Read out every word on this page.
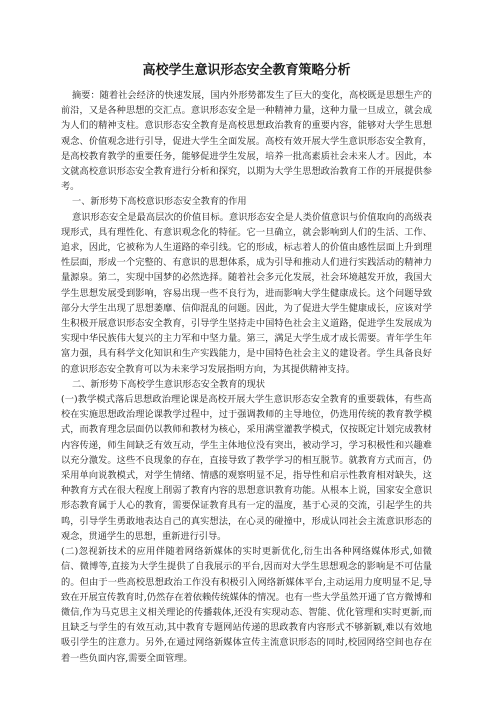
高校学生意识形态安全教育策略分析

摘要：随着社会经济的快速发展，国内外形势都发生了巨大的变化，高校既是思想生产的前沿，又是各种思想的交汇点。意识形态安全是一种精神力量，这种力量一旦成立，就会成为人们的精神支柱。意识形态安全教育是高校思想政治教育的重要内容，能够对大学生思想观念、价值观念进行引导，促进大学生全面发展。高校有效开展大学生意识形态安全教育，是高校教育教学的重要任务，能够促进学生发展，培养一批高素质社会未来人才。因此，本文就高校意识形态安全教育进行分析和探究，以期为大学生思想政治教育工作的开展提供参考。

一、新形势下高校意识形态安全教育的作用

意识形态安全是最高层次的价值目标。意识形态安全是人类价值意识与价值取向的高级表现形式，具有理性化、有意识观念化的特征。它一旦确立，就会影响到人们的生活、工作、追求，因此，它被称为人生道路的牵引线。它的形成，标志着人的价值由感性层面上升到理性层面，形成一个完整的、有意识的思想体系，成为引导和推动人们进行实践活动的精神力量源泉。第二，实现中国梦的必然选择。随着社会多元化发展，社会环境越发开放，我国大学生思想发展受到影响，容易出现一些不良行为，进而影响大学生健康成长。这个问题导致部分大学生出现了思想萎靡、信仰混乱的问题。因此，为了促进大学生健康成长，应该对学生积极开展意识形态安全教育，引导学生坚持走中国特色社会主义道路，促进学生发展成为实现中华民族伟大复兴的主力军和中坚力量。第三，满足大学生成才成长需要。青年学生年富力强，具有科学文化知识和生产实践能力，是中国特色社会主义的建设者。学生具备良好的意识形态安全教育可以为未来学习发展指明方向，为其提供精神支持。

二、新形势下高校学生意识形态安全教育的现状

(一)教学模式落后思想政治理论课是高校开展大学生意识形态安全教育的重要载体，有些高校在实施思想政治理论课教学过程中，过于强调教师的主导地位，仍选用传统的教育教学模式，而教育理念层面仍以教师和教材为核心，采用满堂灌教学模式，仅按既定计划完成教材内容传递，师生间缺乏有效互动，学生主体地位没有突出，被动学习，学习积极性和兴趣难以充分激发。这些不良现象的存在，直接导致了教学学习的相互脱节。就教育方式而言，仍采用单向说教模式，对学生情绪、情感的观察明显不足，指导性和启示性教育相对缺失，这种教育方式在很大程度上削弱了教育内容的思想意识教育功能。从根本上说，国家安全意识形态教育属于人心的教育，需要保证教育具有一定的温度，基于心灵的交流，引起学生的共鸣，引导学生勇敢地表达自己的真实想法，在心灵的碰撞中，形成认同社会主流意识形态的观念，贯通学生的思想，重新进行引导。

(二)忽视新技术的应用伴随着网络新媒体的实时更新优化,衍生出各种网络媒体形式,如微信、微博等,直接为大学生提供了自我展示的平台,因而对大学生思想观念的影响是不可估量的。但由于一些高校思想政治工作没有积极引入网络新媒体平台,主动运用力度明显不足,导致在开展宣传教育时,仍然存在着依赖传统媒体的情况。也有一些大学虽然开通了官方微博和微信,作为马克思主义相关理论的传播载体,还没有实现动态、智能、优化管理和实时更新,而且缺乏与学生的有效互动,其中教育专题网站传递的思政教育内容形式不够新颖,难以有效地吸引学生的注意力。另外,在通过网络新媒体宣传主流意识形态的同时,校园网络空间也存在着一些负面内容,需要全面管理。
